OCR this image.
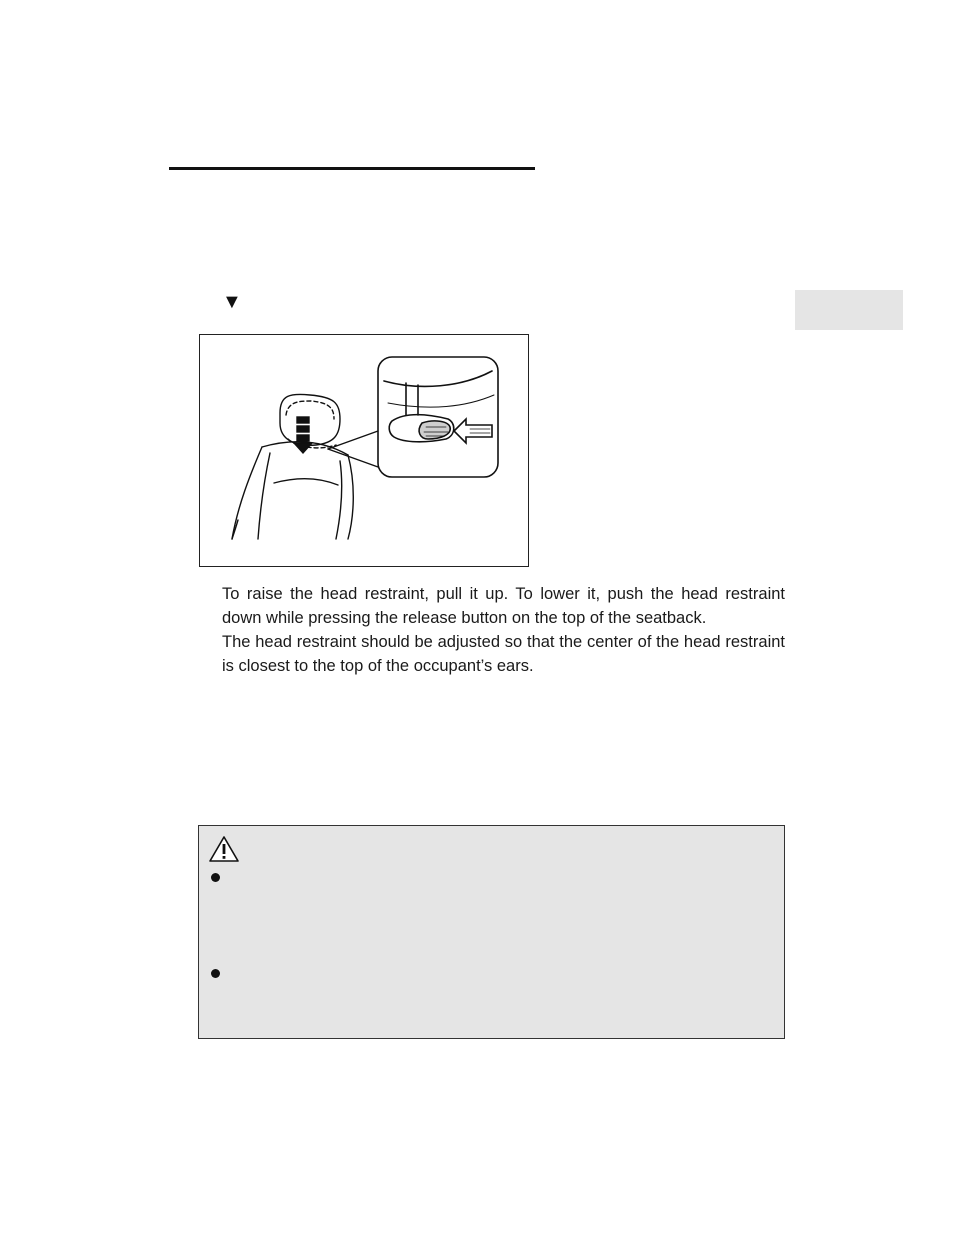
▼

To raise the head restraint, pull it up. To lower it, push the head restraint down while pressing the release button on the top of the seatback.

The head restraint should be adjusted so that the center of the head restraint is closest to the top of the occupant’s ears.
